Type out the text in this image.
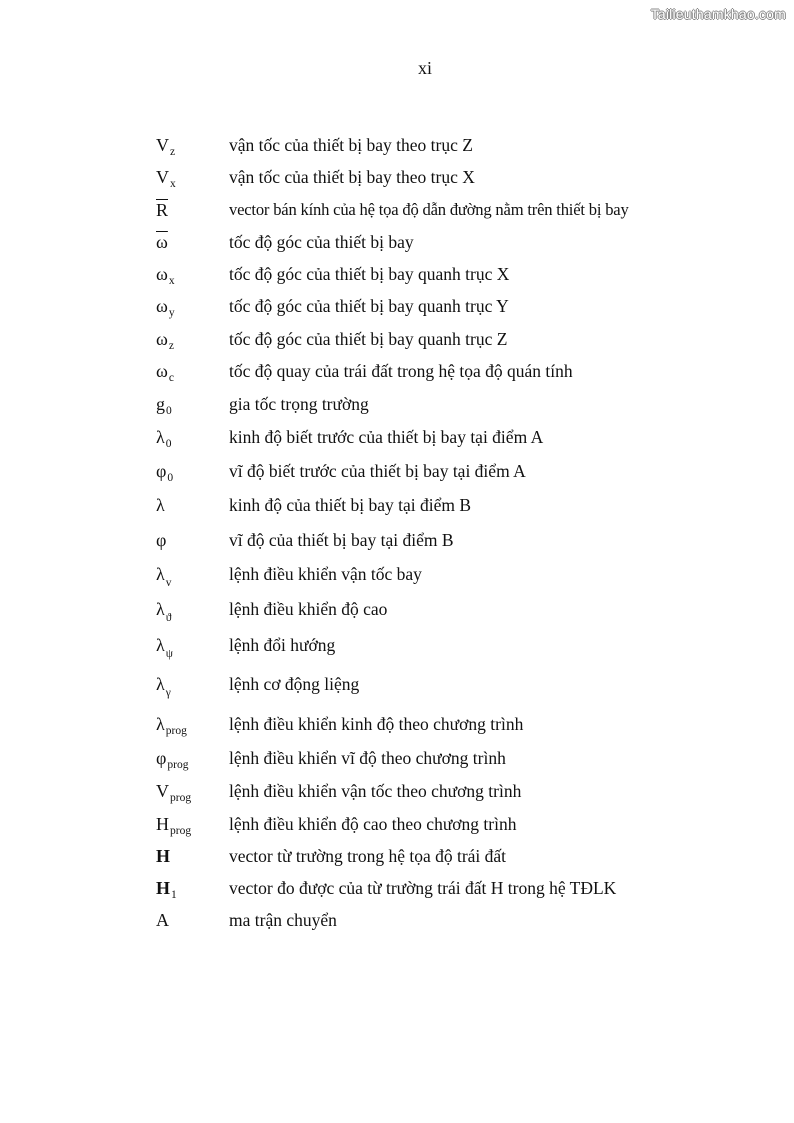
Tailieuthamkhao.com
xi
$V_z$	vận tốc của thiết bị bay theo trục Z
$V_x$	vận tốc của thiết bị bay theo trục X
$\overline{R}$	vector bán kính của hệ tọa độ dẫn đường nằm trên thiết bị bay
$\overline{\omega}$	tốc độ góc của thiết bị bay
$\omega_x$	tốc độ góc của thiết bị bay quanh trục X
$\omega_y$	tốc độ góc của thiết bị bay quanh trục Y
$\omega_z$	tốc độ góc của thiết bị bay quanh trục Z
$\omega_c$	tốc độ quay của trái đất trong hệ tọa độ quán tính
$g_0$	gia tốc trọng trường
$\lambda_0$	kinh độ biết trước của thiết bị bay tại điểm A
$\varphi_0$	vĩ độ biết trước của thiết bị bay tại điểm A
λ	kinh độ của thiết bị bay tại điểm B
φ	vĩ độ của thiết bị bay tại điểm B
$\lambda_v$	lệnh điều khiển vận tốc bay
$\lambda_ϑ$	lệnh điều khiển độ cao
$\lambda_\psi$	lệnh đổi hướng
$\lambda_\gamma$	lệnh cơ động liệng
$\lambda_{prog}$ lệnh điều khiển kinh độ theo chương trình
$\varphi_{prog}$ lệnh điều khiển vĩ độ theo chương trình
$V_{prog}$ lệnh điều khiển vận tốc theo chương trình
$H_{prog}$ lệnh điều khiển độ cao theo chương trình
H	vector từ trường trong hệ tọa độ trái đất
$H_1$	vector đo được của từ trường trái đất H trong hệ TĐLK
A	ma trận chuyển
